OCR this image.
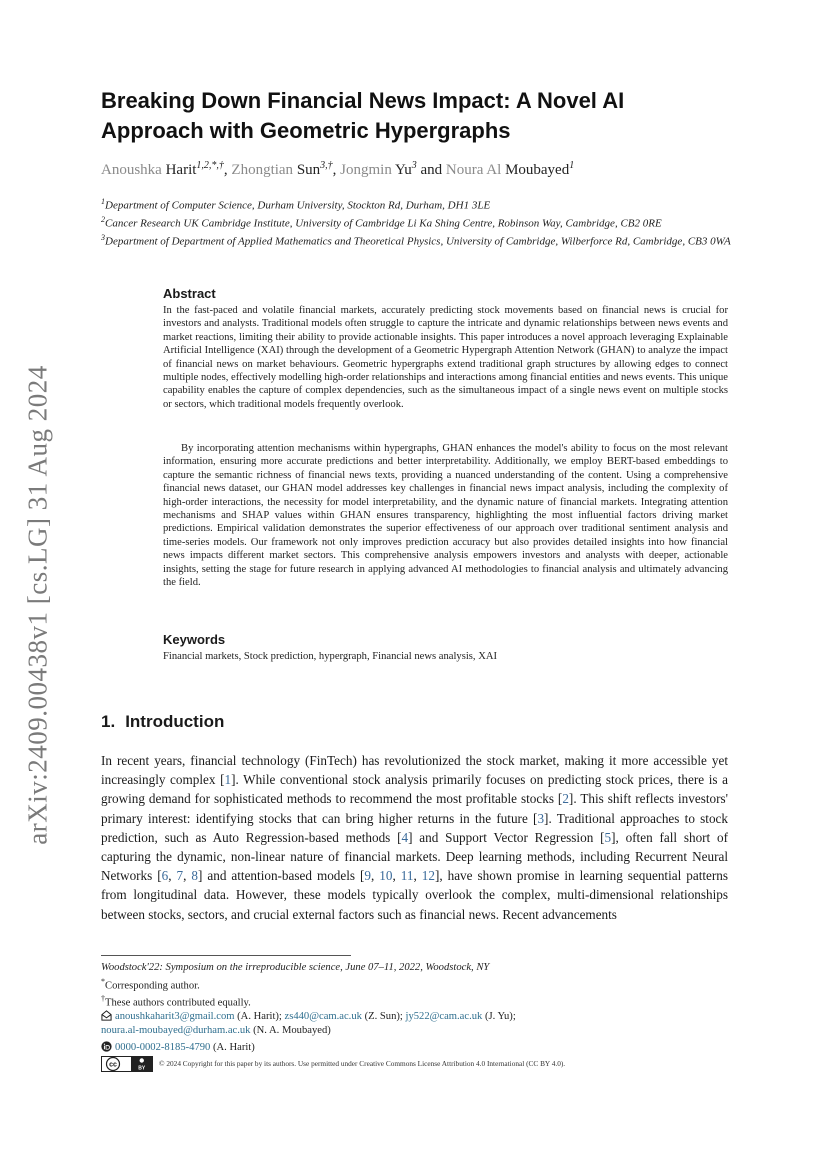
arXiv:2409.00438v1 [cs.LG] 31 Aug 2024
Breaking Down Financial News Impact: A Novel AI
Approach with Geometric Hypergraphs
Anoushka Harit$^{1,2,*,\dagger}$, Zhongtian Sun$^{3,\dagger}$, Jongmin Yu$^3$ and Noura Al Moubayed$^1$
$^1$Department of Computer Science, Durham University, Stockton Rd, Durham, DH1 3LE
$^2$Cancer Research UK Cambridge Institute, University of Cambridge Li Ka Shing Centre, Robinson Way, Cambridge, CB2 0RE
$^3$Department of Department of Applied Mathematics and Theoretical Physics, University of Cambridge, Wilberforce Rd, Cambridge, CB3 0WA
Abstract
In the fast-paced and volatile financial markets, accurately predicting stock movements based on financial news is crucial for investors and analysts. Traditional models often struggle to capture the intricate and dynamic relationships between news events and market reactions, limiting their ability to provide actionable insights. This paper introduces a novel approach leveraging Explainable Artificial Intelligence (XAI) through the development of a Geometric Hypergraph Attention Network (GHAN) to analyze the impact of financial news on market behaviours. Geometric hypergraphs extend traditional graph structures by allowing edges to connect multiple nodes, effectively modelling high-order relationships and interactions among financial entities and news events. This unique capability enables the capture of complex dependencies, such as the simultaneous impact of a single news event on multiple stocks or sectors, which traditional models frequently overlook.
By incorporating attention mechanisms within hypergraphs, GHAN enhances the model's ability to focus on the most relevant information, ensuring more accurate predictions and better interpretability. Additionally, we employ BERT-based embeddings to capture the semantic richness of financial news texts, providing a nuanced understanding of the content. Using a comprehensive financial news dataset, our GHAN model addresses key challenges in financial news impact analysis, including the complexity of high-order interactions, the necessity for model interpretability, and the dynamic nature of financial markets. Integrating attention mechanisms and SHAP values within GHAN ensures transparency, highlighting the most influential factors driving market predictions. Empirical validation demonstrates the superior effectiveness of our approach over traditional sentiment analysis and time-series models. Our framework not only improves prediction accuracy but also provides detailed insights into how financial news impacts different market sectors. This comprehensive analysis empowers investors and analysts with deeper, actionable insights, setting the stage for future research in applying advanced AI methodologies to financial analysis and ultimately advancing the field.
Keywords
Financial markets, Stock prediction, hypergraph, Financial news analysis, XAI
1. Introduction
In recent years, financial technology (FinTech) has revolutionized the stock market, making it more accessible yet increasingly complex [1]. While conventional stock analysis primarily focuses on predicting stock prices, there is a growing demand for sophisticated methods to recommend the most profitable stocks [2]. This shift reflects investors' primary interest: identifying stocks that can bring higher returns in the future [3]. Traditional approaches to stock prediction, such as Auto Regression-based methods [4] and Support Vector Regression [5], often fall short of capturing the dynamic, non-linear nature of financial markets. Deep learning methods, including Recurrent Neural Networks [6, 7, 8] and attention-based models [9, 10, 11, 12], have shown promise in learning sequential patterns from longitudinal data. However, these models typically overlook the complex, multi-dimensional relationships between stocks, sectors, and crucial external factors such as financial news. Recent advancements
Woodstock'22: Symposium on the irreproducible science, June 07–11, 2022, Woodstock, NY
*Corresponding author.
†These authors contributed equally.
anoushkaharit3@gmail.com (A. Harit); zs440@cam.ac.uk (Z. Sun); jy522@cam.ac.uk (J. Yu);
noura.al-moubayed@durham.ac.uk (N. A. Moubayed)
0000-0002-8185-4790 (A. Harit)
cc	BY
© 2024 Copyright for this paper by its authors. Use permitted under Creative Commons License Attribution 4.0 International (CC BY 4.0).
